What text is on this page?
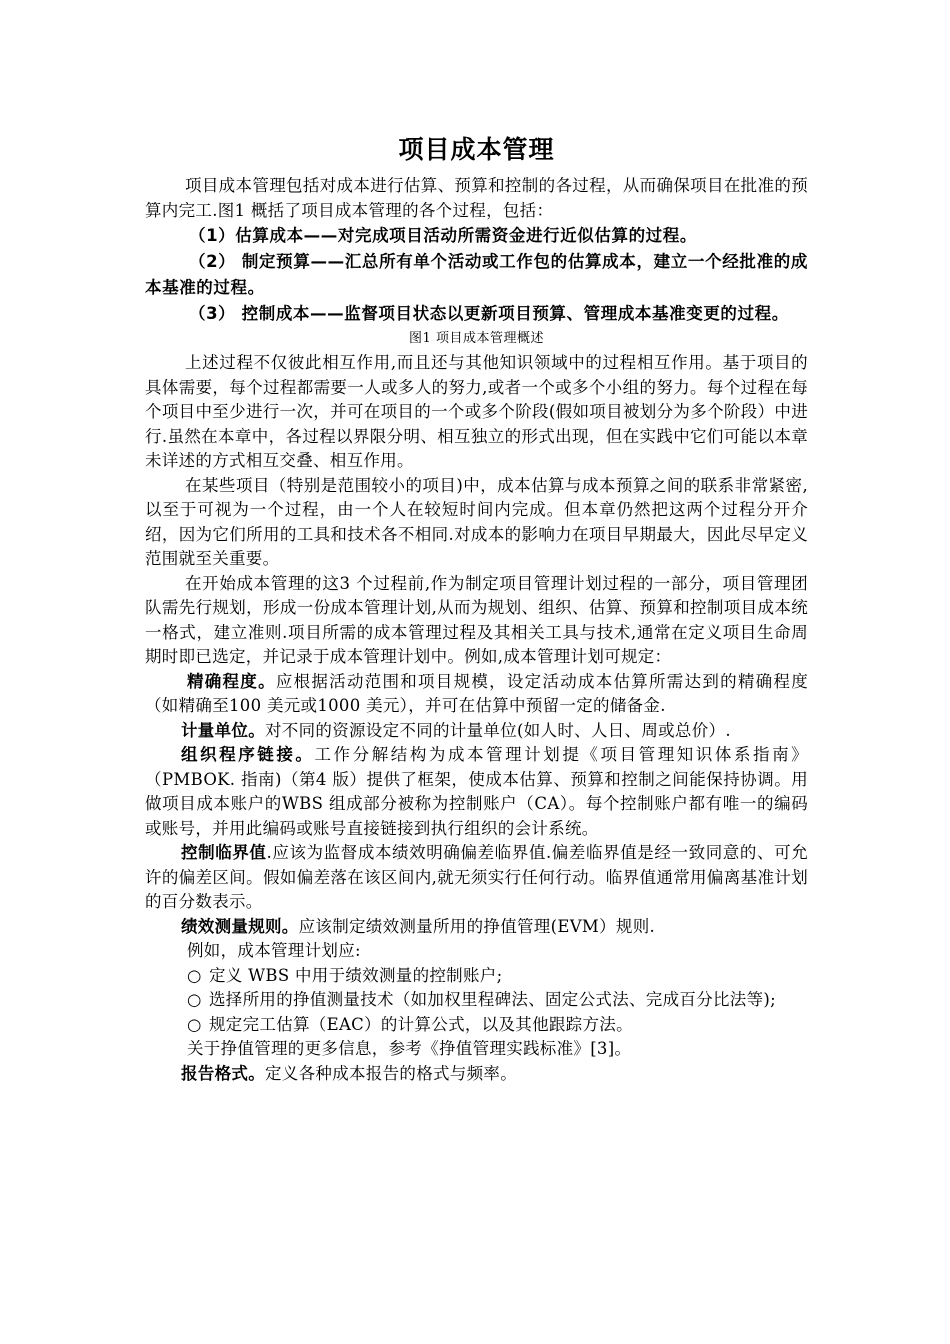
项目成本管理

项目成本管理包括对成本进行估算、预算和控制的各过程，从而确保项目在批准的预算内完工.图1 概括了项目成本管理的各个过程，包括：

（1）估算成本——对完成项目活动所需资金进行近似估算的过程。

（2） 制定预算——汇总所有单个活动或工作包的估算成本，建立一个经批准的成本基准的过程。

（3） 控制成本——监督项目状态以更新项目预算、管理成本基准变更的过程。

图1 项目成本管理概述

上述过程不仅彼此相互作用,而且还与其他知识领域中的过程相互作用。基于项目的具体需要，每个过程都需要一人或多人的努力,或者一个或多个小组的努力。每个过程在每个项目中至少进行一次，并可在项目的一个或多个阶段(假如项目被划分为多个阶段）中进行.虽然在本章中，各过程以界限分明、相互独立的形式出现，但在实践中它们可能以本章未详述的方式相互交叠、相互作用。

在某些项目（特别是范围较小的项目)中，成本估算与成本预算之间的联系非常紧密,以至于可视为一个过程，由一个人在较短时间内完成。但本章仍然把这两个过程分开介绍，因为它们所用的工具和技术各不相同.对成本的影响力在项目早期最大，因此尽早定义范围就至关重要。

在开始成本管理的这3 个过程前,作为制定项目管理计划过程的一部分，项目管理团队需先行规划，形成一份成本管理计划,从而为规划、组织、估算、预算和控制项目成本统一格式，建立准则.项目所需的成本管理过程及其相关工具与技术,通常在定义项目生命周期时即已选定，并记录于成本管理计划中。例如,成本管理计划可规定：

精确程度。应根据活动范围和项目规模，设定活动成本估算所需达到的精确程度（如精确至100 美元或1000 美元），并可在估算中预留一定的储备金.

计量单位。对不同的资源设定不同的计量单位(如人时、人日、周或总价）.

组织程序链接。工作分解结构为成本管理计划提《项目管理知识体系指南》（PMBOK. 指南)（第4 版）提供了框架，使成本估算、预算和控制之间能保持协调。用做项目成本账户的WBS 组成部分被称为控制账户（CA）。每个控制账户都有唯一的编码或账号，并用此编码或账号直接链接到执行组织的会计系统。

控制临界值.应该为监督成本绩效明确偏差临界值.偏差临界值是经一致同意的、可允许的偏差区间。假如偏差落在该区间内,就无须实行任何行动。临界值通常用偏离基准计划的百分数表示。

绩效测量规则。应该制定绩效测量所用的挣值管理(EVM）规则.

例如，成本管理计划应:

○ 定义 WBS 中用于绩效测量的控制账户;

○ 选择所用的挣值测量技术（如加权里程碑法、固定公式法、完成百分比法等);

○ 规定完工估算（EAC）的计算公式，以及其他跟踪方法。

关于挣值管理的更多信息，参考《挣值管理实践标准》[3]。

报告格式。定义各种成本报告的格式与频率。
